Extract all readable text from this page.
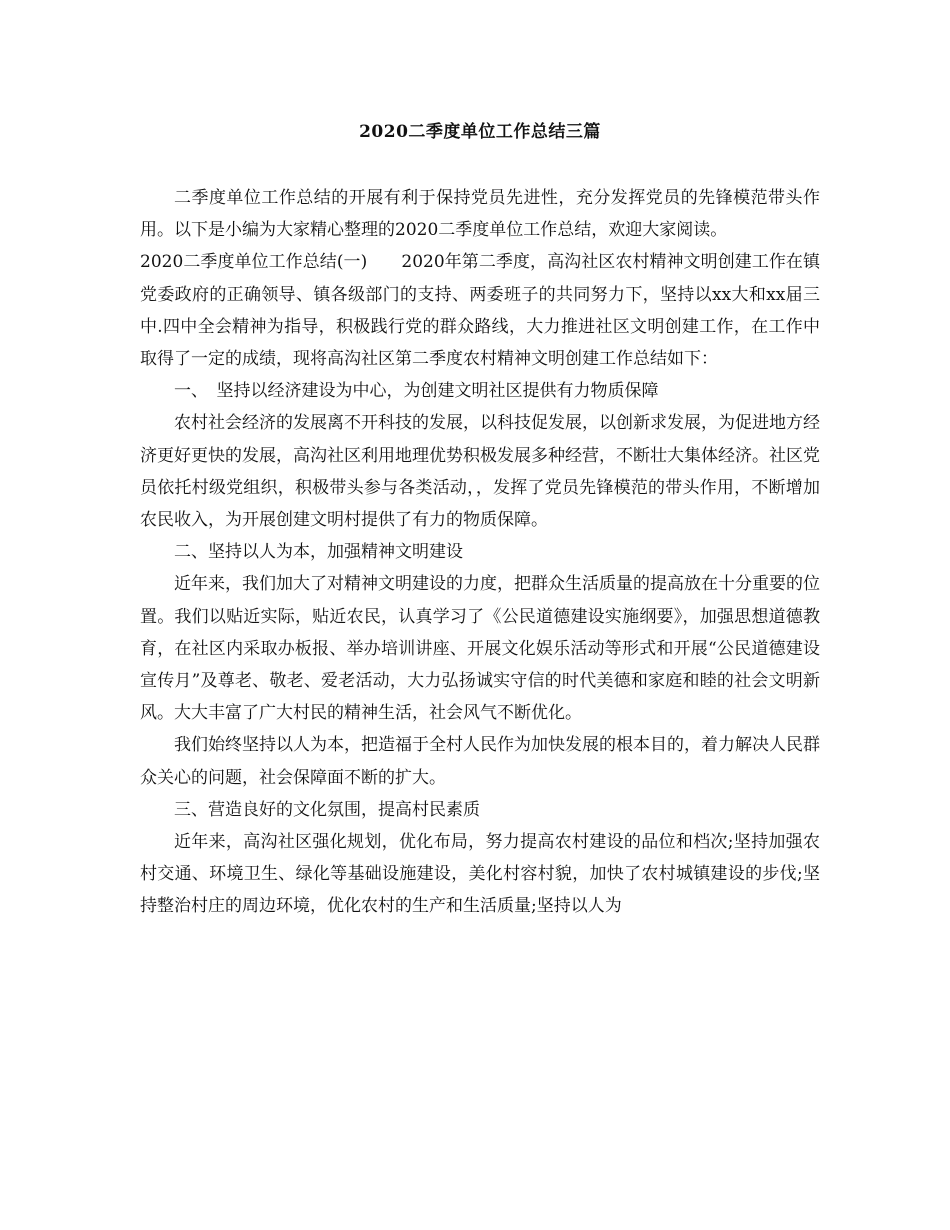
2020二季度单位工作总结三篇

二季度单位工作总结的开展有利于保持党员先进性，充分发挥党员的先锋模范带头作用。以下是小编为大家精心整理的2020二季度单位工作总结，欢迎大家阅读。

2020二季度单位工作总结(一)　　2020年第二季度，高沟社区农村精神文明创建工作在镇党委政府的正确领导、镇各级部门的支持、两委班子的共同努力下，坚持以xx大和xx届三中.四中全会精神为指导，积极践行党的群众路线，大力推进社区文明创建工作，在工作中取得了一定的成绩，现将高沟社区第二季度农村精神文明创建工作总结如下：

一、　坚持以经济建设为中心，为创建文明社区提供有力物质保障

农村社会经济的发展离不开科技的发展，以科技促发展，以创新求发展，为促进地方经济更好更快的发展，高沟社区利用地理优势积极发展多种经营，不断壮大集体经济。社区党员依托村级党组织，积极带头参与各类活动，，发挥了党员先锋模范的带头作用，不断增加农民收入，为开展创建文明村提供了有力的物质保障。

二、坚持以人为本，加强精神文明建设

近年来，我们加大了对精神文明建设的力度，把群众生活质量的提高放在十分重要的位置。我们以贴近实际，贴近农民，认真学习了《公民道德建设实施纲要》，加强思想道德教育，在社区内采取办板报、举办培训讲座、开展文化娱乐活动等形式和开展“公民道德建设宣传月”及尊老、敬老、爱老活动，大力弘扬诚实守信的时代美德和家庭和睦的社会文明新风。大大丰富了广大村民的精神生活，社会风气不断优化。

我们始终坚持以人为本，把造福于全村人民作为加快发展的根本目的，着力解决人民群众关心的问题，社会保障面不断的扩大。

三、营造良好的文化氛围，提高村民素质

近年来，高沟社区强化规划，优化布局，努力提高农村建设的品位和档次;坚持加强农村交通、环境卫生、绿化等基础设施建设，美化村容村貌，加快了农村城镇建设的步伐;坚持整治村庄的周边环境，优化农村的生产和生活质量;坚持以人为
